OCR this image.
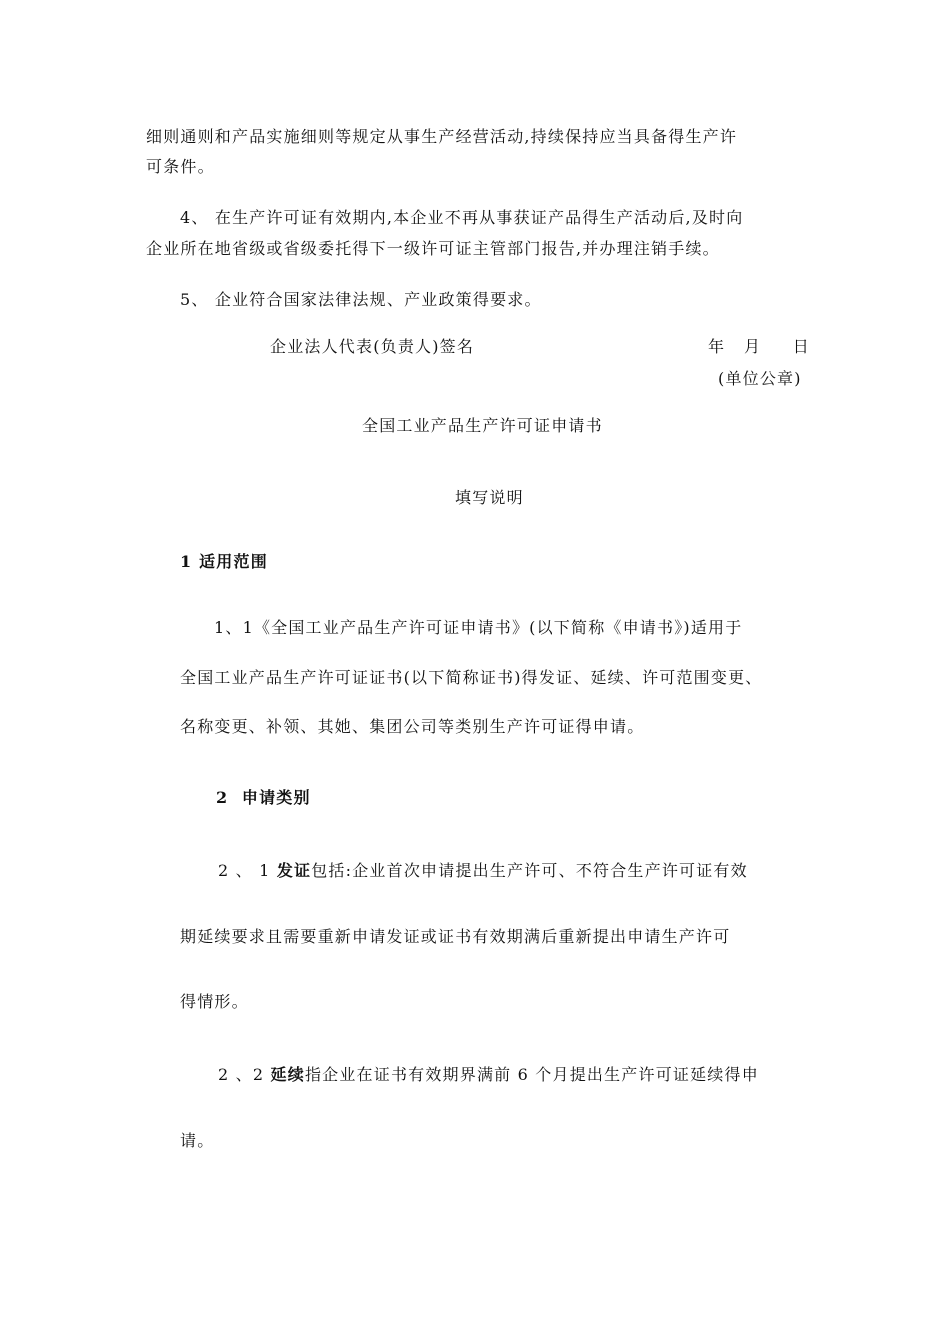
细则通则和产品实施细则等规定从事生产经营活动,持续保持应当具备得生产许
可条件。
4、 在生产许可证有效期内,本企业不再从事获证产品得生产活动后,及时向
企业所在地省级或省级委托得下一级许可证主管部门报告,并办理注销手续。
5、 企业符合国家法律法规、产业政策得要求。
企业法人代表(负责人)签名	年   月     日
(单位公章)
全国工业产品生产许可证申请书
填写说明
1 适用范围
1、1《全国工业产品生产许可证申请书》(以下简称《申请书》)适用于
全国工业产品生产许可证证书(以下简称证书)得发证、延续、许可范围变更、
名称变更、补领、其她、集团公司等类别生产许可证得申请。
2  申请类别
2 、 1 发证包括:企业首次申请提出生产许可、不符合生产许可证有效
期延续要求且需要重新申请发证或证书有效期满后重新提出申请生产许可
得情形。
2 、2 延续指企业在证书有效期界满前 6 个月提出生产许可证延续得申
请。
